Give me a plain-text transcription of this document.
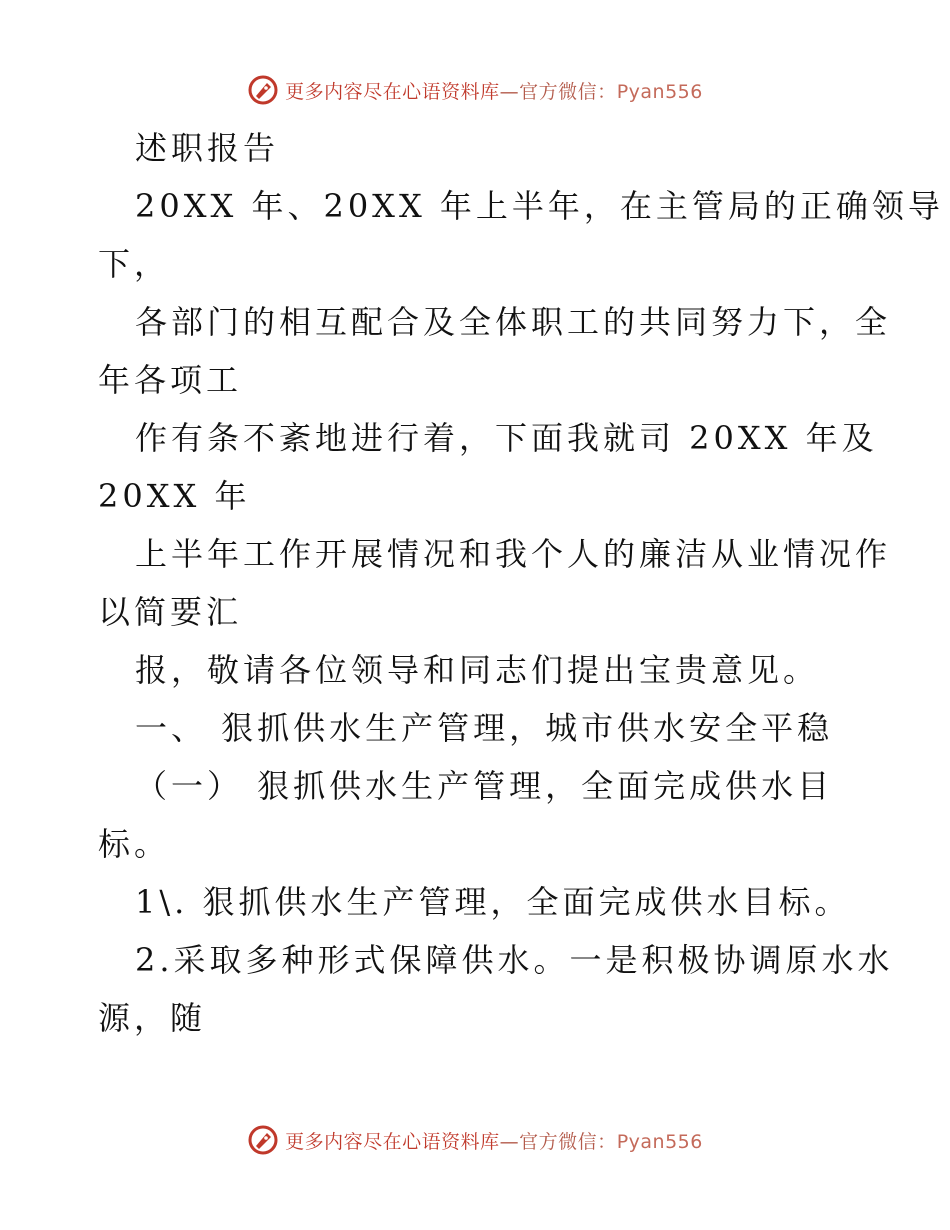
更多内容尽在心语资料库—官方微信：Pyan556
述职报告
20XX 年、20XX 年上半年，在主管局的正确领导
下，
各部门的相互配合及全体职工的共同努力下，全
年各项工
作有条不紊地进行着，下面我就司 20XX 年及
20XX 年
上半年工作开展情况和我个人的廉洁从业情况作
以简要汇
报，敬请各位领导和同志们提出宝贵意见。
一、 狠抓供水生产管理，城市供水安全平稳
（一） 狠抓供水生产管理，全面完成供水目
标。
1\. 狠抓供水生产管理，全面完成供水目标。
2.采取多种形式保障供水。一是积极协调原水水
源，随
更多内容尽在心语资料库—官方微信：Pyan556
